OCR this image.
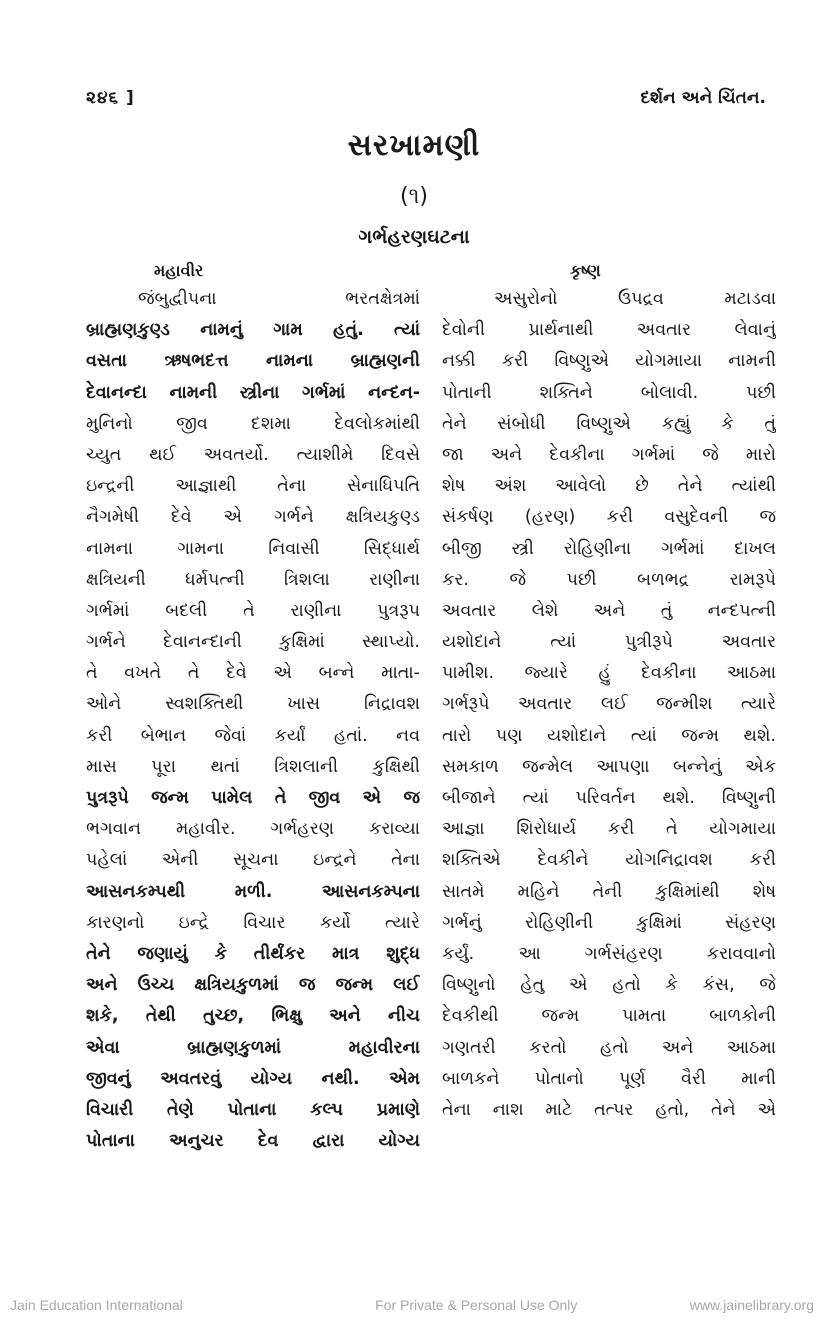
૨૪૬ ]	દર્શન અને ચિંતન.
સરખામણી
(૧)
ગર્ભહરણઘટના
મહાવીર
જંબુદ્વીપના ભરતક્ષેત્રમાં
બ્રાહ્મણકુણ્ડ નામનું ગામ હતું. ત્યાં
વસતા ઋષભદત્ત નામના બ્રાહ્મણની
દેવાનન્દા નામની સ્ત્રીના ગર્ભમાં નન્દન-
મુનિનો જીવ દશમા દેવલોકમાંથી
ચ્યુત થઈ અવતર્યો. ત્યાશીમે દિવસે
ઇન્દ્રની આજ્ઞાથી તેના સેનાધિપતિ
નૈગમેષી દેવે એ ગર્ભને ક્ષત્રિયકુણ્ડ
નામના ગામના નિવાસી સિદ્ધાર્થ
ક્ષત્રિયની ધર્મપત્ની ત્રિશલા રાણીના
ગર્ભમાં બદલી તે રાણીના પુત્રરૂપ
ગર્ભને દેવાનન્દાની કુક્ષિમાં સ્થાપ્યો.
તે વખતે તે દેવે એ બન્ને માતા-
ઓને સ્વશક્તિથી ખાસ નિદ્રાવશ
કરી બેભાન જેવાં કર્યાં હતાં. નવ
માસ પૂરા થતાં ત્રિશલાની કુક્ષિથી
પુત્રરૂપે જન્મ પામેલ તે જીવ એ જ
ભગવાન મહાવીર. ગર્ભહરણ કરાવ્યા
પહેલાં એની સૂચના ઇન્દ્રને તેના
આસનકમ્પથી મળી. આસનકમ્પના
કારણનો ઇન્દ્રે વિચાર કર્યો ત્યારે
તેને જણાયું કે તીર્થંકર માત્ર શુદ્ધ
અને ઉચ્ચ ક્ષત્રિયકુળમાં જ જન્મ લઈ
શકે, તેથી તુચ્છ, ભિક્ષુ અને નીચ
એવા બ્રાહ્મણકુળમાં મહાવીરના
જીવનું અવતરવું યોગ્ય નથી. એમ
વિચારી તેણે પોતાના કલ્પ પ્રમાણે
પોતાના અનુચર દેવ દ્વારા યોગ્ય
કૃષ્ણ
અસુરોનો ઉપદ્રવ મટાડવા
દેવોની પ્રાર્થનાથી અવતાર લેવાનું
નક્કી કરી વિષ્ણુએ યોગમાયા નામની
પોતાની શક્તિને બોલાવી. પછી
તેને સંબોધી વિષ્ણુએ કહ્યું કે તું
જા અને દેવકીના ગર્ભમાં જે મારો
શેષ અંશ આવેલો છે તેને ત્યાંથી
સંકર્ષણ (હરણ) કરી વસુદેવની જ
બીજી સ્ત્રી રોહિણીના ગર્ભમાં દાખલ
કર. જે પછી બળભદ્ર રામરૂપે
અવતાર લેશે અને તું નન્દપત્ની
યશોદાને ત્યાં પુત્રીરૂપે અવતાર
પામીશ. જ્યારે હું દેવકીના આઠમા
ગર્ભરૂપે અવતાર લઈ જન્મીશ ત્યારે
તારો પણ યશોદાને ત્યાં જન્મ થશે.
સમકાળ જન્મેલ આપણા બન્નેનું એક
બીજાને ત્યાં પરિવર્તન થશે. વિષ્ણુની
આજ્ઞા શિરોધાર્ય કરી તે યોગમાયા
શક્તિએ દેવકીને યોગનિદ્રાવશ કરી
સાતમે મહિને તેની કુક્ષિમાંથી શેષ
ગર્ભનું રોહિણીની કુક્ષિમાં સંહરણ
કર્યું. આ ગર્ભસંહરણ કરાવવાનો
વિષ્ણુનો હેતુ એ હતો કે કંસ, જે
દેવકીથી જન્મ પામતા બાળકોની
ગણતરી કરતો હતો અને આઠમા
બાળકને પોતાનો પૂર્ણ વૈરી માની
તેના નાશ માટે તત્પર હતો, તેને એ
Jain Education International	For Private & Personal Use Only	www.jainelibrary.org
